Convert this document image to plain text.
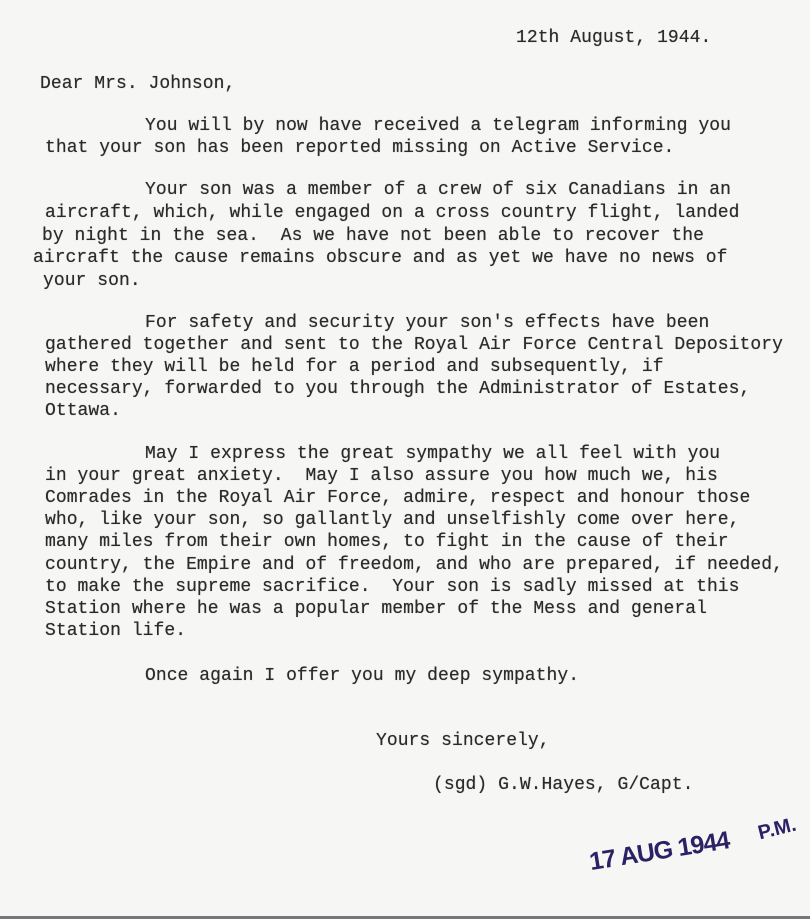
12th August, 1944.
Dear Mrs. Johnson,
You will by now have received a telegram informing you
that your son has been reported missing on Active Service.
Your son was a member of a crew of six Canadians in an
aircraft, which, while engaged on a cross country flight, landed
by night in the sea.  As we have not been able to recover the
aircraft the cause remains obscure and as yet we have no news of
your son.
For safety and security your son's effects have been
gathered together and sent to the Royal Air Force Central Depository
where they will be held for a period and subsequently, if
necessary, forwarded to you through the Administrator of Estates,
Ottawa.
May I express the great sympathy we all feel with you
in your great anxiety.  May I also assure you how much we, his
Comrades in the Royal Air Force, admire, respect and honour those
who, like your son, so gallantly and unselfishly come over here,
many miles from their own homes, to fight in the cause of their
country, the Empire and of freedom, and who are prepared, if needed,
to make the supreme sacrifice.  Your son is sadly missed at this
Station where he was a popular member of the Mess and general
Station life.
Once again I offer you my deep sympathy.
Yours sincerely,
(sgd) G.W.Hayes, G/Capt.
17 AUG 1944 P.M.
